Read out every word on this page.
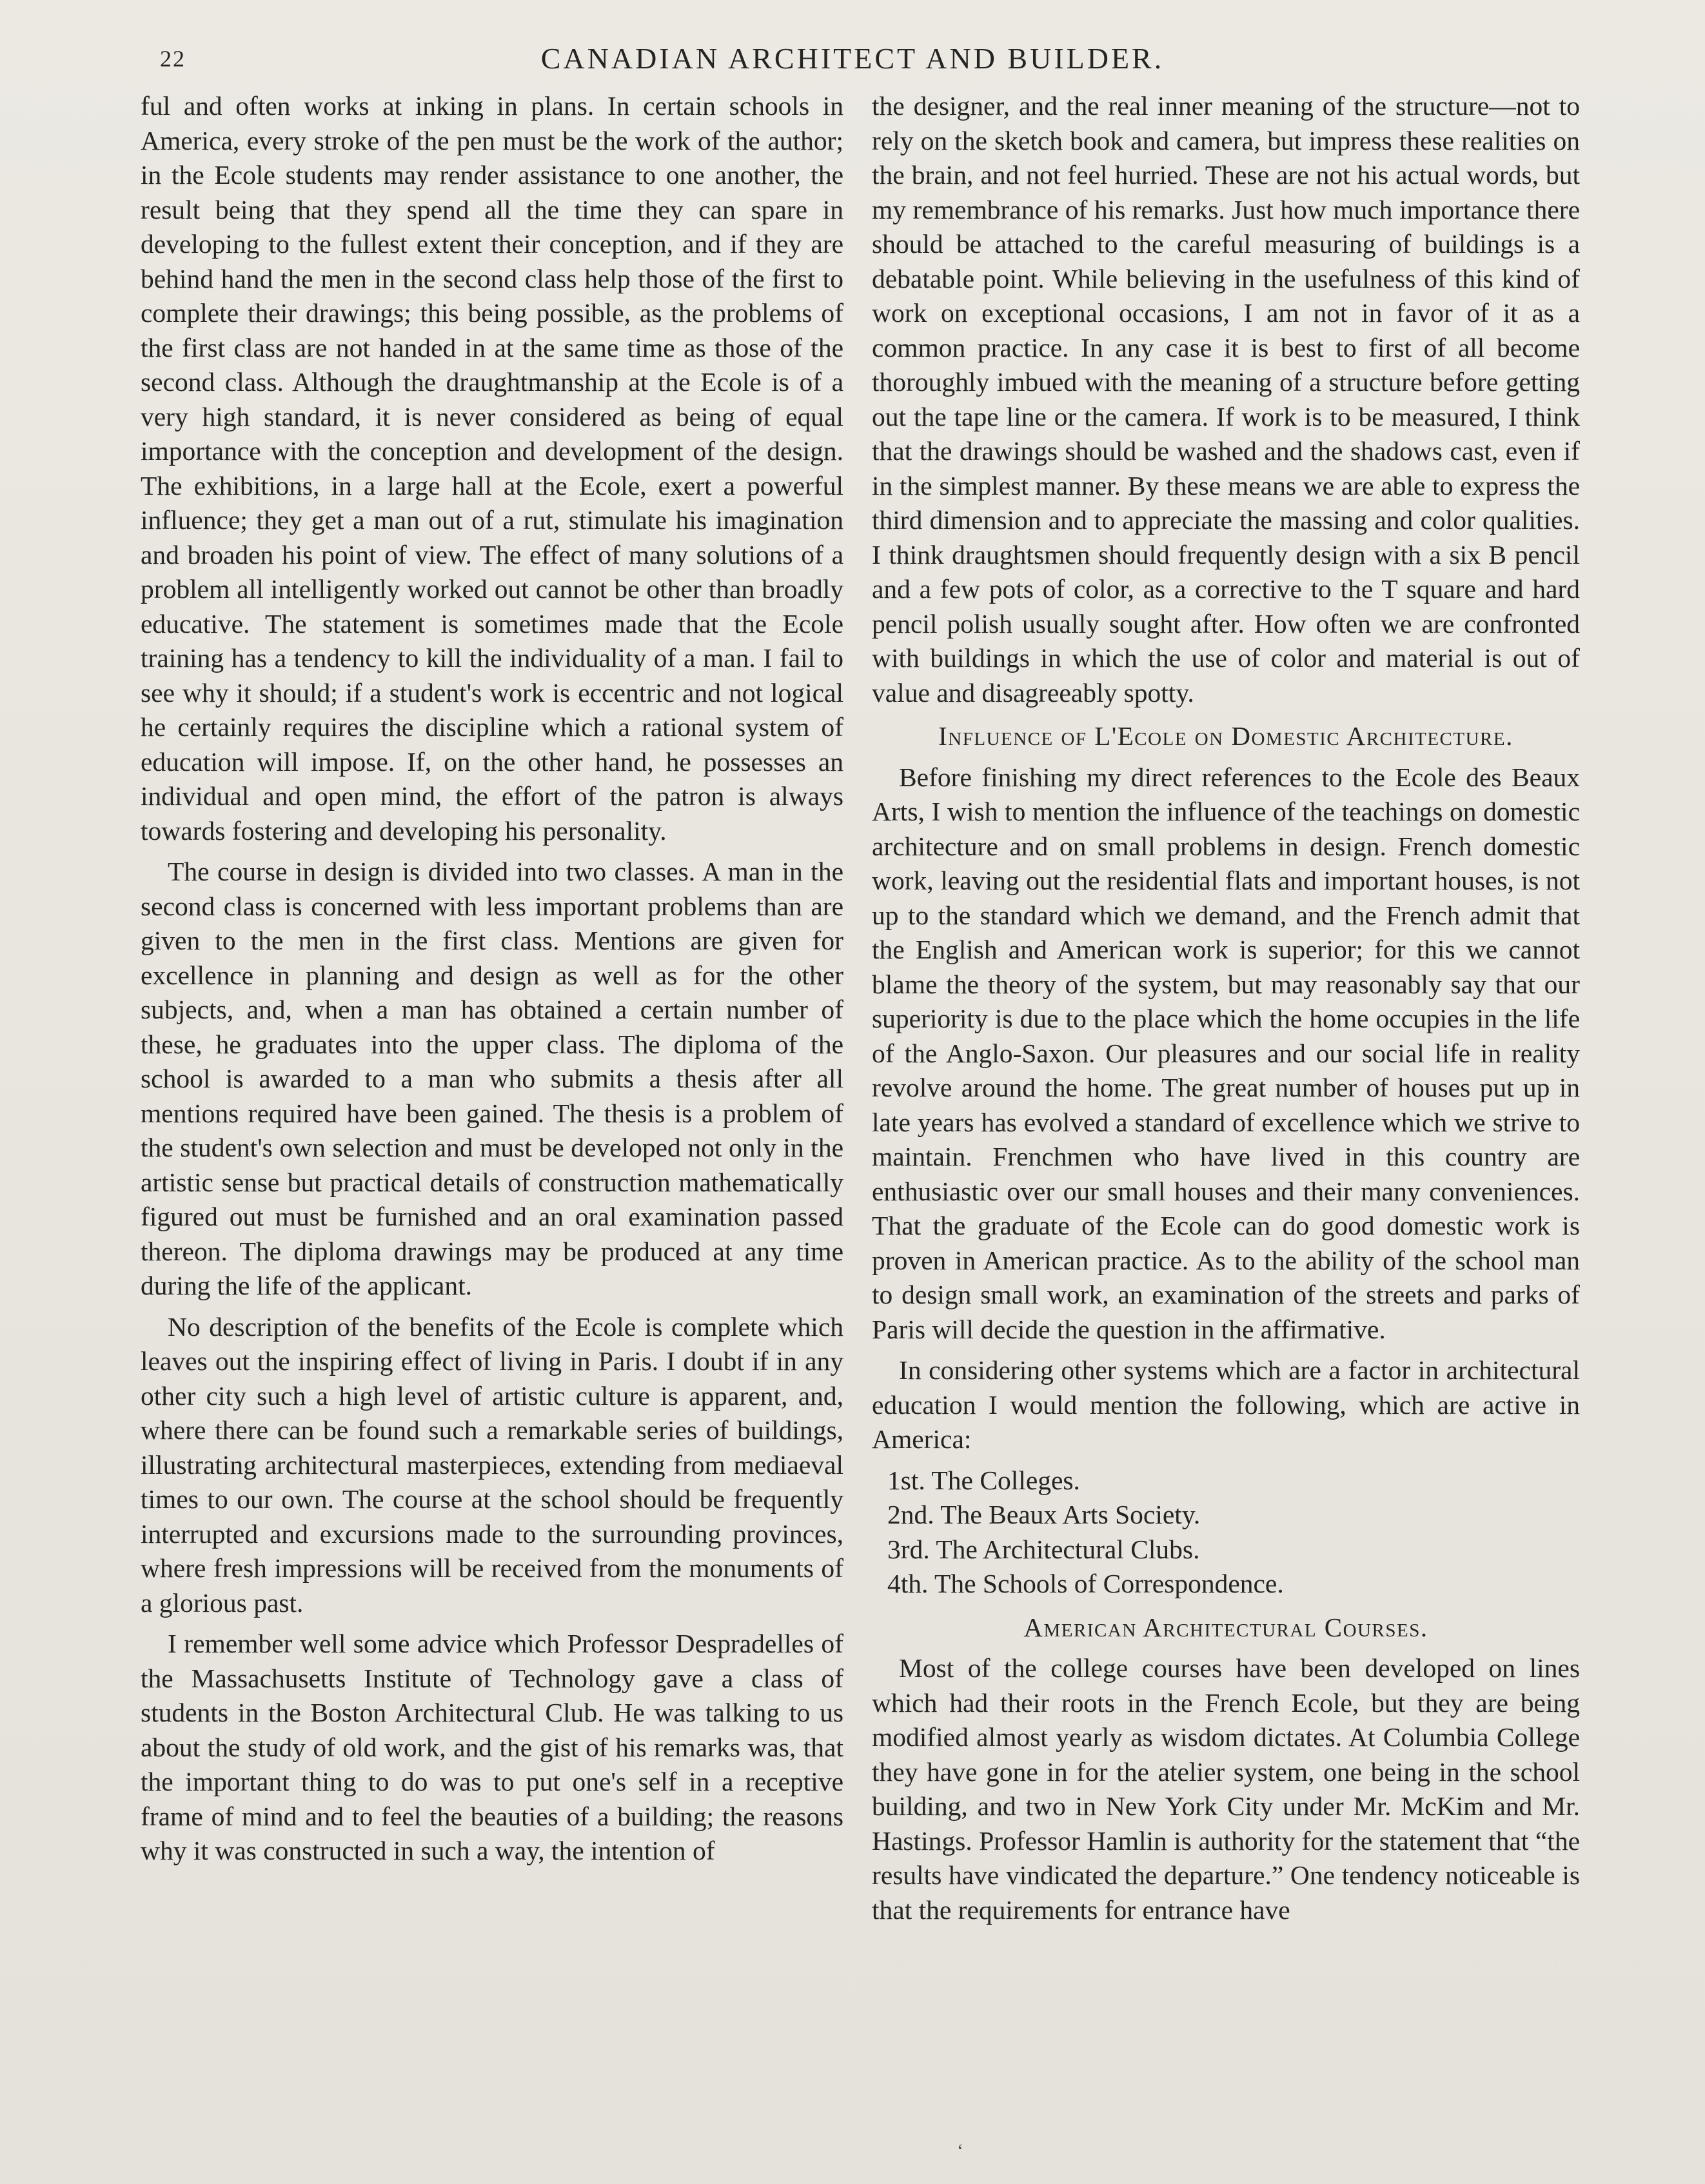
22	CANADIAN ARCHITECT AND BUILDER.

ful and often works at inking in plans. In certain schools in America, every stroke of the pen must be the work of the author; in the Ecole students may render assistance to one another, the result being that they spend all the time they can spare in developing to the fullest extent their conception, and if they are behind hand the men in the second class help those of the first to complete their drawings; this being possible, as the problems of the first class are not handed in at the same time as those of the second class. Although the draughtmanship at the Ecole is of a very high standard, it is never considered as being of equal importance with the conception and development of the design. The exhibitions, in a large hall at the Ecole, exert a powerful influence; they get a man out of a rut, stimulate his imagination and broaden his point of view. The effect of many solutions of a problem all intelligently worked out cannot be other than broadly educative. The statement is sometimes made that the Ecole training has a tendency to kill the individuality of a man. I fail to see why it should; if a student's work is eccentric and not logical he certainly requires the discipline which a rational system of education will impose. If, on the other hand, he possesses an individual and open mind, the effort of the patron is always towards fostering and developing his personality.

The course in design is divided into two classes. A man in the second class is concerned with less important problems than are given to the men in the first class. Mentions are given for excellence in planning and design as well as for the other subjects, and, when a man has obtained a certain number of these, he graduates into the upper class. The diploma of the school is awarded to a man who submits a thesis after all mentions required have been gained. The thesis is a problem of the student's own selection and must be developed not only in the artistic sense but practical details of construction mathematically figured out must be furnished and an oral examination passed thereon. The diploma drawings may be produced at any time during the life of the applicant.

No description of the benefits of the Ecole is complete which leaves out the inspiring effect of living in Paris. I doubt if in any other city such a high level of artistic culture is apparent, and, where there can be found such a remarkable series of buildings, illustrating architectural masterpieces, extending from mediaeval times to our own. The course at the school should be frequently interrupted and excursions made to the surrounding provinces, where fresh impressions will be received from the monuments of a glorious past.

I remember well some advice which Professor Despradelles of the Massachusetts Institute of Technology gave a class of students in the Boston Architectural Club. He was talking to us about the study of old work, and the gist of his remarks was, that the important thing to do was to put one's self in a receptive frame of mind and to feel the beauties of a building; the reasons why it was constructed in such a way, the intention of

the designer, and the real inner meaning of the structure—not to rely on the sketch book and camera, but impress these realities on the brain, and not feel hurried. These are not his actual words, but my remembrance of his remarks. Just how much importance there should be attached to the careful measuring of buildings is a debatable point. While believing in the usefulness of this kind of work on exceptional occasions, I am not in favor of it as a common practice. In any case it is best to first of all become thoroughly imbued with the meaning of a structure before getting out the tape line or the camera. If work is to be measured, I think that the drawings should be washed and the shadows cast, even if in the simplest manner. By these means we are able to express the third dimension and to appreciate the massing and color qualities. I think draughtsmen should frequently design with a six B pencil and a few pots of color, as a corrective to the T square and hard pencil polish usually sought after. How often we are confronted with buildings in which the use of color and material is out of value and disagreeably spotty.

Influence of L'Ecole on Domestic Architecture.

Before finishing my direct references to the Ecole des Beaux Arts, I wish to mention the influence of the teachings on domestic architecture and on small problems in design. French domestic work, leaving out the residential flats and important houses, is not up to the standard which we demand, and the French admit that the English and American work is superior; for this we cannot blame the theory of the system, but may reasonably say that our superiority is due to the place which the home occupies in the life of the Anglo-Saxon. Our pleasures and our social life in reality revolve around the home. The great number of houses put up in late years has evolved a standard of excellence which we strive to maintain. Frenchmen who have lived in this country are enthusiastic over our small houses and their many conveniences. That the graduate of the Ecole can do good domestic work is proven in American practice. As to the ability of the school man to design small work, an examination of the streets and parks of Paris will decide the question in the affirmative.

In considering other systems which are a factor in architectural education I would mention the following, which are active in America:

1st. The Colleges.
2nd. The Beaux Arts Society.
3rd. The Architectural Clubs.
4th. The Schools of Correspondence.
American Architectural Courses.

Most of the college courses have been developed on lines which had their roots in the French Ecole, but they are being modified almost yearly as wisdom dictates. At Columbia College they have gone in for the atelier system, one being in the school building, and two in New York City under Mr. McKim and Mr. Hastings. Professor Hamlin is authority for the statement that “the results have vindicated the departure.” One tendency noticeable is that the requirements for entrance have

‘
